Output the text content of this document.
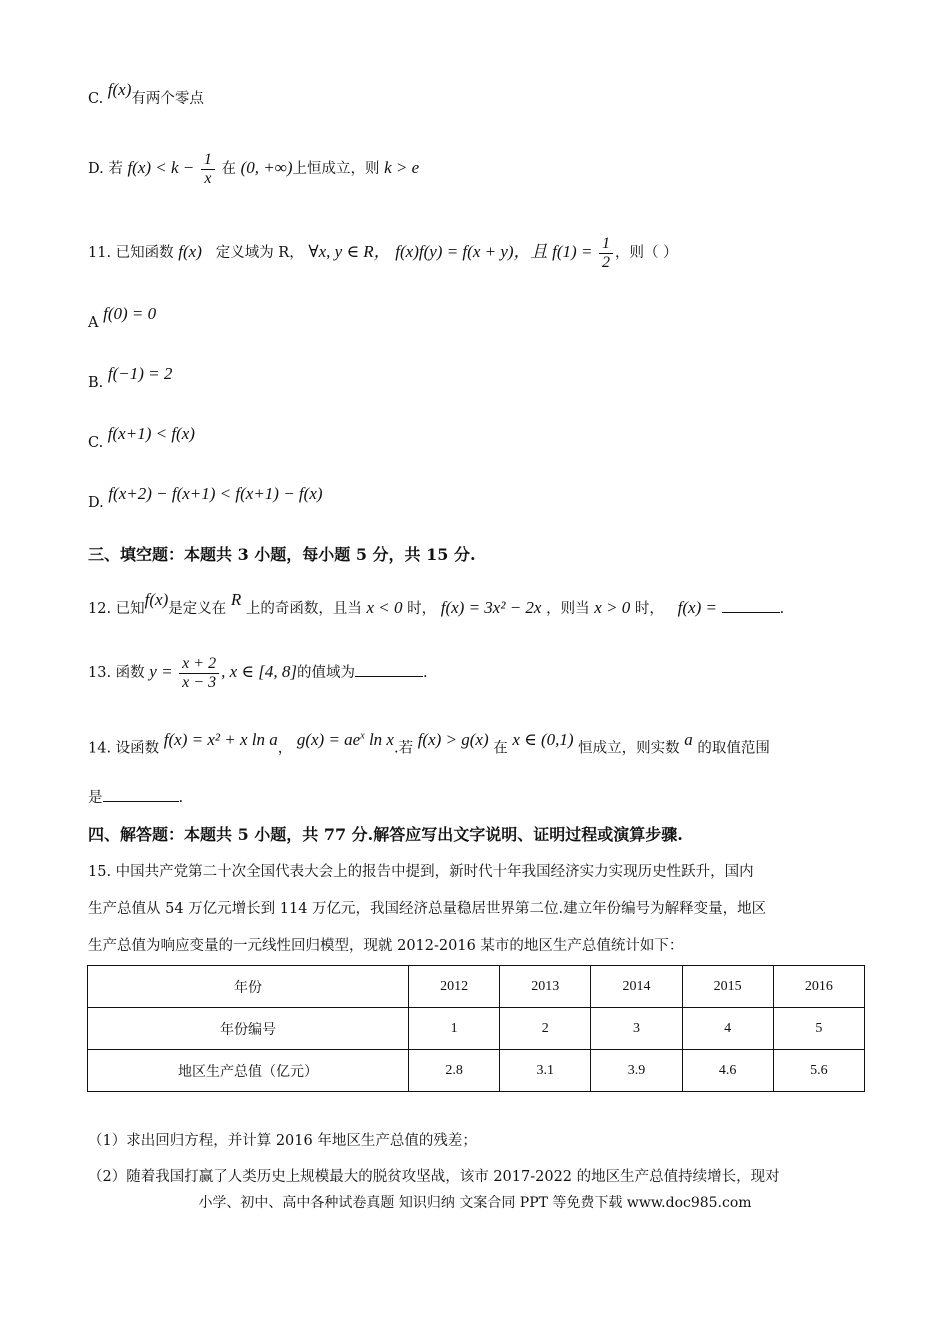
C. f(x)有两个零点
D. 若 $f(x) < k - \frac{1}{x}$ 在 (0, +∞)上恒成立，则 k > e
11. 已知函数 f(x) 定义域为 R， ∀x, y ∈ R， f(x)f(y) = f(x + y)，且 $f(1) = \frac{1}{2}$ ，则（ ）
A f(0) = 0
B. f(−1) = 2
C. f(x+1) < f(x)
D. f(x+2) − f(x+1) < f(x+1) − f(x)
三、填空题：本题共 3 小题，每小题 5 分，共 15 分.
12. 已知f(x)是定义在 R 上的奇函数，且当 x < 0 时， f(x) = 3x² − 2x ，则当 x > 0 时， f(x) =	.
13. 函数 $y = \frac{x + 2}{x - 3}$ , x ∈ [4, 8]的值域为	.
14. 设函数 f(x) = x² + x ln a， $g(x) = ae^x$ ln x.若 f(x) > g(x) 在 x ∈ (0,1) 恒成立，则实数 a 的取值范围
是	.
四、解答题：本题共 5 小题，共 77 分.解答应写出文字说明、证明过程或演算步骤.
15. 中国共产党第二十次全国代表大会上的报告中提到，新时代十年我国经济实力实现历史性跃升，国内
生产总值从 54 万亿元增长到 114 万亿元，我国经济总量稳居世界第二位.建立年份编号为解释变量，地区
生产总值为响应变量的一元线性回归模型，现就 2012-2016 某市的地区生产总值统计如下：
年份	2012	2013	2014	2015	2016
年份编号	1	2	3	4	5
地区生产总值（亿元）	2.8	3.1	3.9	4.6	5.6
（1）求出回归方程，并计算 2016 年地区生产总值的残差；
（2）随着我国打赢了人类历史上规模最大的脱贫攻坚战，该市 2017-2022 的地区生产总值持续增长，现对
小学、初中、高中各种试卷真题 知识归纳 文案合同 PPT 等免费下载 www.doc985.com
